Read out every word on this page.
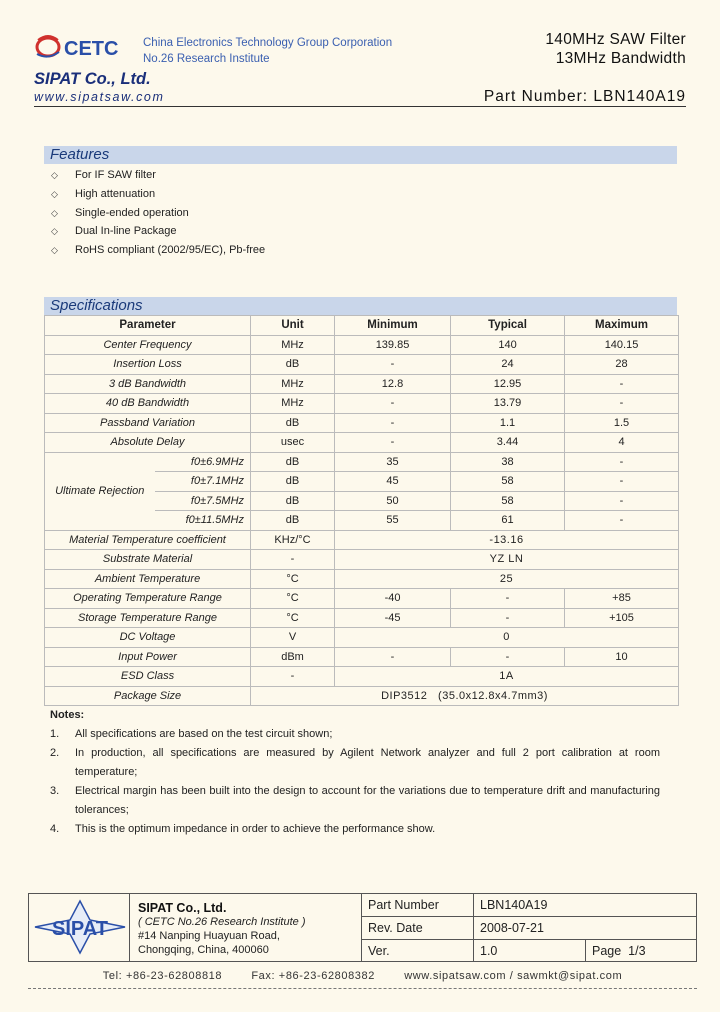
CETC China Electronics Technology Group Corporation
No.26 Research Institute
140MHz SAW Filter
13MHz Bandwidth
SIPAT Co., Ltd.
www.sipatsaw.com	Part Number: LBN140A19
Features
◇ For IF SAW filter
◇ High attenuation
◇ Single-ended operation
◇ Dual In-line Package
◇ RoHS compliant (2002/95/EC), Pb-free
Specifications
Parameter		Unit	Minimum	Typical	Maximum
Center Frequency		MHz	139.85	140	140.15
Insertion Loss		dB	-	24	28
3 dB Bandwidth		MHz	12.8	12.95	-
40 dB Bandwidth		MHz	-	13.79	-
Passband Variation		dB	-	1.1	1.5
Absolute Delay		usec	-	3.44	4
Ultimate Rejection	f0±6.9MHz	dB	35	38	-
	f0±7.1MHz	dB	45	58	-
	f0±7.5MHz	dB	50	58	-
	f0±11.5MHz	dB	55	61	-
Material Temperature coefficient		KHz/°C	-13.16		
Substrate Material		-	YZ LN		
Ambient Temperature		°C	25		
Operating Temperature Range		°C	-40	-	+85
Storage Temperature Range		°C	-45	-	+105
DC Voltage		V	0		
Input Power		dBm	-	-	10
ESD Class		-	1A		
Package Size		DIP3512   (35.0x12.8x4.7mm3)			
Notes:
1.	All specifications are based on the test circuit shown;
2.	In production, all specifications are measured by Agilent Network analyzer and full 2 port calibration at room temperature;
3.	Electrical margin has been built into the design to account for the variations due to temperature drift and manufacturing tolerances;
4.	This is the optimum impedance in order to achieve the performance show.
SIPAT
SIPAT Co., Ltd.
( CETC No.26 Research Institute )
#14 Nanping Huayuan Road,
Chongqing, China, 400060
Part Number	LBN140A19	
Rev. Date	2008-07-21	
Ver.	1.0	Page 1/3
Tel: +86-23-62808818        Fax: +86-23-62808382        www.sipatsaw.com / sawmkt@sipat.com
